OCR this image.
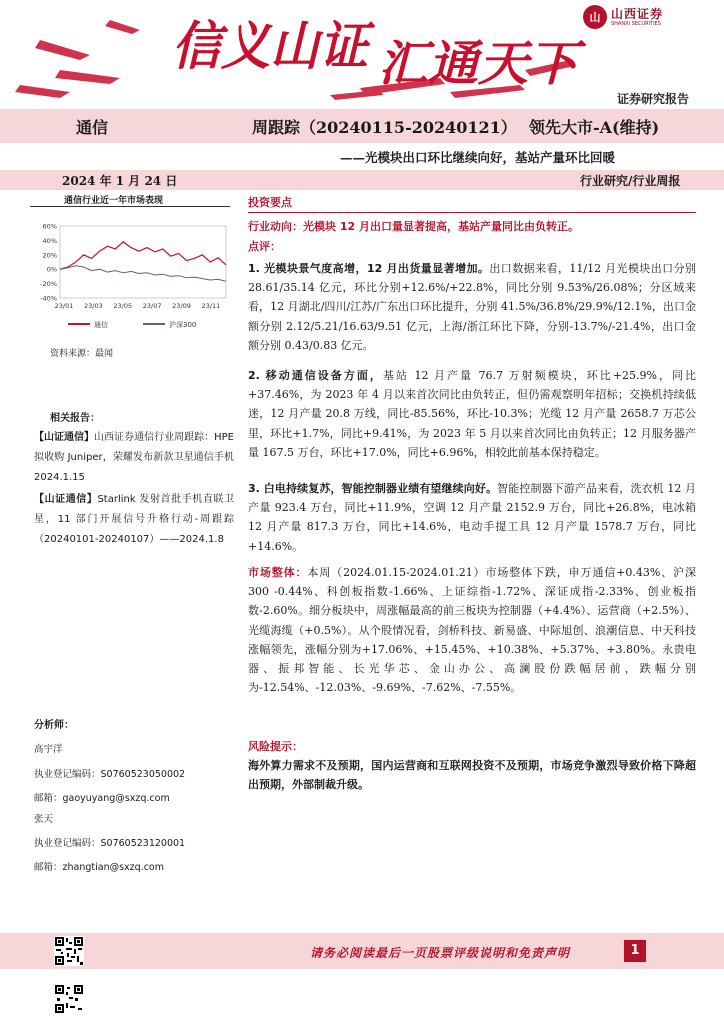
信义山证 汇通天下
山 山西证券
SHANXI SECURITIES
证券研究报告
通信	周跟踪（20240115-20240121） 领先大市-A(维持)
——光模块出口环比继续向好，基站产量环比回暖
2024 年 1 月 24 日	行业研究/行业周报
通信行业近一年市场表现
60%
40%
20%
0%
-20%
-40%
23/01 23/03 23/05 23/07 23/09 23/11
通信	沪深300
资料来源：最闻
相关报告：
【山证通信】山西证券通信行业周跟踪：HPE 拟收购 Juniper，荣耀发布新款卫星通信手机 2024.1.15
【山证通信】Starlink 发射首批手机直联卫星，11 部门开展信号升格行动-周跟踪（20240101-20240107）——2024.1.8
分析师：
高宇洋
执业登记编码：S0760523050002
邮箱：gaoyuyang@sxzq.com
张天
执业登记编码：S0760523120001
邮箱：zhangtian@sxzq.com
投资要点
行业动向：光模块 12 月出口量显著提高，基站产量同比由负转正。
点评：
1. 光模块景气度高增，12 月出货量显著增加。出口数据来看，11/12 月光模块出口分别 28.61/35.14 亿元，环比分别+12.6%/+22.8%，同比分别 9.53%/26.08%；分区域来看，12 月湖北/四川/江苏/广东出口环比提升，分别 41.5%/36.8%/29.9%/12.1%，出口金额分别 2.12/5.21/16.63/9.51 亿元，上海/浙江环比下降，分别-13.7%/-21.4%，出口金额分别 0.43/0.83 亿元。
2. 移动通信设备方面，基站 12 月产量 76.7 万射频模块，环比+25.9%，同比+37.46%，为 2023 年 4 月以来首次同比由负转正，但仍需观察明年招标；交换机持续低迷，12 月产量 20.8 万线，同比-85.56%，环比-10.3%；光缆 12 月产量 2658.7 万芯公里，环比+1.7%，同比+9.41%，为 2023 年 5 月以来首次同比由负转正；12 月服务器产量 167.5 万台，环比+17.0%，同比+6.96%，相较此前基本保持稳定。
3. 白电持续复苏，智能控制器业绩有望继续向好。智能控制器下游产品来看，洗衣机 12 月产量 923.4 万台，同比+11.9%，空调 12 月产量 2152.9 万台，同比+26.8%，电冰箱 12 月产量 817.3 万台，同比+14.6%，电动手提工具 12 月产量 1578.7 万台，同比+14.6%。
市场整体：本周（2024.01.15-2024.01.21）市场整体下跌，申万通信+0.43%、沪深 300 -0.44%、科创板指数-1.66%、上证综指-1.72%、深证成指-2.33%、创业板指数-2.60%。细分板块中，周涨幅最高的前三板块为控制器（+4.4%）、运营商（+2.5%）、光缆海缆（+0.5%）。从个股情况看，剑桥科技、新易盛、中际旭创、浪潮信息、中天科技涨幅领先，涨幅分别为+17.06%、+15.45%、+10.38%、+5.37%、+3.80%。永贵电器、振邦智能、长光华芯、金山办公、高澜股份跌幅居前，跌幅分别为-12.54%、-12.03%、-9.69%、-7.62%、-7.55%。
风险提示：
海外算力需求不及预期，国内运营商和互联网投资不及预期，市场竞争激烈导致价格下降超出预期，外部制裁升级。
请务必阅读最后一页股票评级说明和免责声明	1
